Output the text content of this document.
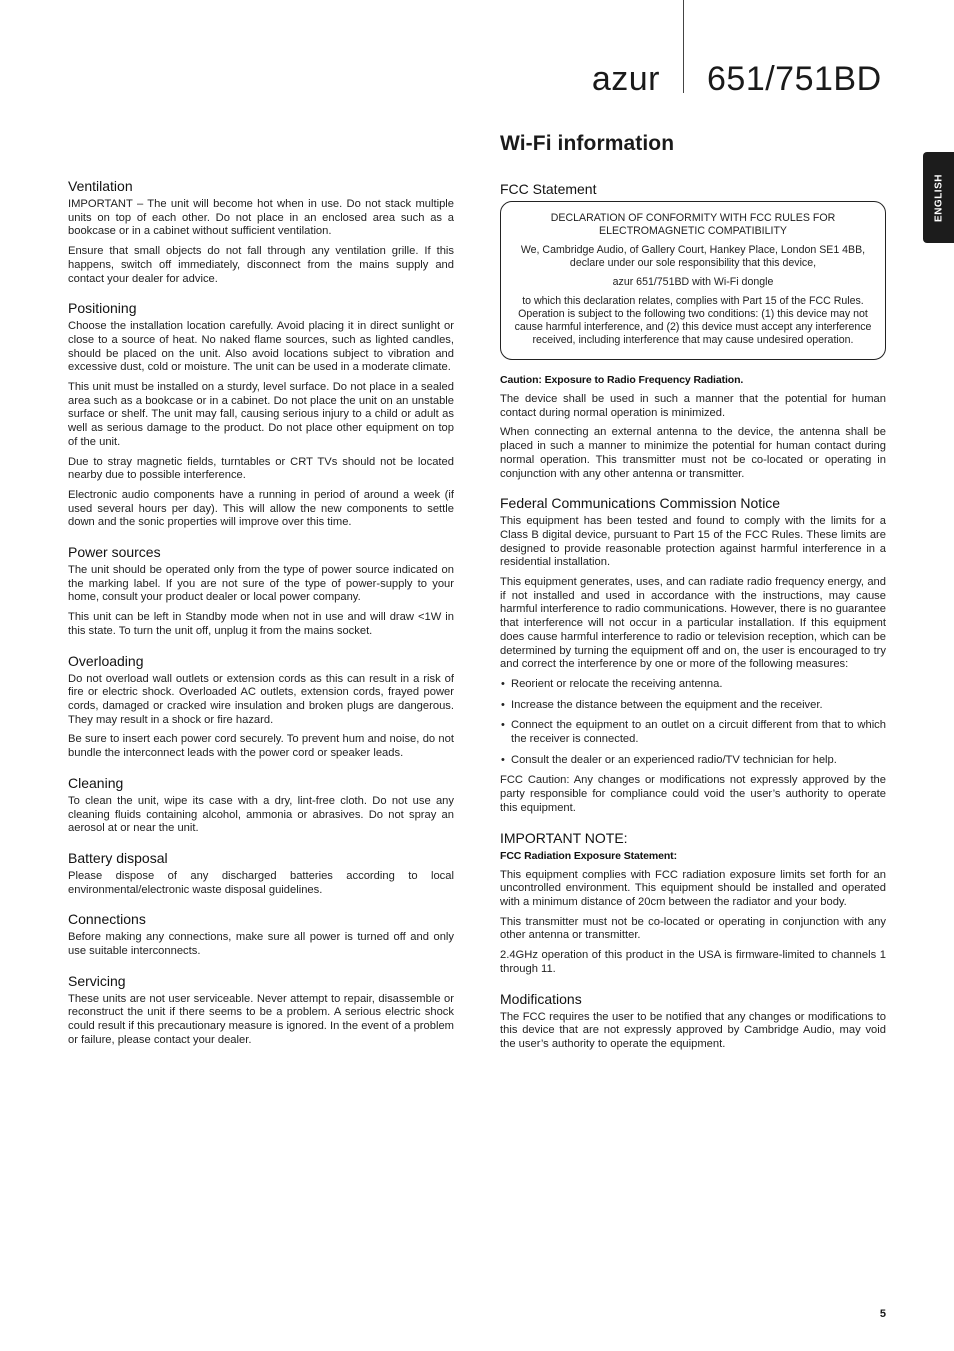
azur 651/751BD
ENGLISH
Ventilation

IMPORTANT – The unit will become hot when in use. Do not stack multiple units on top of each other. Do not place in an enclosed area such as a bookcase or in a cabinet without sufficient ventilation.

Ensure that small objects do not fall through any ventilation grille. If this happens, switch off immediately, disconnect from the mains supply and contact your dealer for advice.

Positioning

Choose the installation location carefully. Avoid placing it in direct sunlight or close to a source of heat. No naked flame sources, such as lighted candles, should be placed on the unit. Also avoid locations subject to vibration and excessive dust, cold or moisture. The unit can be used in a moderate climate.

This unit must be installed on a sturdy, level surface. Do not place in a sealed area such as a bookcase or in a cabinet. Do not place the unit on an unstable surface or shelf. The unit may fall, causing serious injury to a child or adult as well as serious damage to the product. Do not place other equipment on top of the unit.

Due to stray magnetic fields, turntables or CRT TVs should not be located nearby due to possible interference.

Electronic audio components have a running in period of around a week (if used several hours per day). This will allow the new components to settle down and the sonic properties will improve over this time.

Power sources

The unit should be operated only from the type of power source indicated on the marking label. If you are not sure of the type of power-supply to your home, consult your product dealer or local power company.

This unit can be left in Standby mode when not in use and will draw <1W in this state. To turn the unit off, unplug it from the mains socket.

Overloading

Do not overload wall outlets or extension cords as this can result in a risk of fire or electric shock. Overloaded AC outlets, extension cords, frayed power cords, damaged or cracked wire insulation and broken plugs are dangerous. They may result in a shock or fire hazard.

Be sure to insert each power cord securely. To prevent hum and noise, do not bundle the interconnect leads with the power cord or speaker leads.

Cleaning

To clean the unit, wipe its case with a dry, lint-free cloth. Do not use any cleaning fluids containing alcohol, ammonia or abrasives. Do not spray an aerosol at or near the unit.

Battery disposal

Please dispose of any discharged batteries according to local environmental/electronic waste disposal guidelines.

Connections

Before making any connections, make sure all power is turned off and only use suitable interconnects.

Servicing

These units are not user serviceable. Never attempt to repair, disassemble or reconstruct the unit if there seems to be a problem. A serious electric shock could result if this precautionary measure is ignored. In the event of a problem or failure, please contact your dealer.

Wi-Fi information
FCC Statement

DECLARATION OF CONFORMITY WITH FCC RULES FOR ELECTROMAGNETIC COMPATIBILITY

We, Cambridge Audio, of Gallery Court, Hankey Place, London SE1 4BB, declare under our sole responsibility that this device,

azur 651/751BD with Wi-Fi dongle

to which this declaration relates, complies with Part 15 of the FCC Rules. Operation is subject to the following two conditions: (1) this device may not cause harmful interference, and (2) this device must accept any interference received, including interference that may cause undesired operation.

Caution: Exposure to Radio Frequency Radiation.

The device shall be used in such a manner that the potential for human contact during normal operation is minimized.

When connecting an external antenna to the device, the antenna shall be placed in such a manner to minimize the potential for human contact during normal operation. This transmitter must not be co-located or operating in conjunction with any other antenna or transmitter.

Federal Communications Commission Notice

This equipment has been tested and found to comply with the limits for a Class B digital device, pursuant to Part 15 of the FCC Rules. These limits are designed to provide reasonable protection against harmful interference in a residential installation.

This equipment generates, uses, and can radiate radio frequency energy, and if not installed and used in accordance with the instructions, may cause harmful interference to radio communications. However, there is no guarantee that interference will not occur in a particular installation. If this equipment does cause harmful interference to radio or television reception, which can be determined by turning the equipment off and on, the user is encouraged to try and correct the interference by one or more of the following measures:

• Reorient or relocate the receiving antenna.
• Increase the distance between the equipment and the receiver.
• Connect the equipment to an outlet on a circuit different from that to which the receiver is connected.
• Consult the dealer or an experienced radio/TV technician for help.

FCC Caution: Any changes or modifications not expressly approved by the party responsible for compliance could void the user’s authority to operate this equipment.

IMPORTANT NOTE:
FCC Radiation Exposure Statement:

This equipment complies with FCC radiation exposure limits set forth for an uncontrolled environment. This equipment should be installed and operated with a minimum distance of 20cm between the radiator and your body.

This transmitter must not be co-located or operating in conjunction with any other antenna or transmitter.

2.4GHz operation of this product in the USA is firmware-limited to channels 1 through 11.

Modifications

The FCC requires the user to be notified that any changes or modifications to this device that are not expressly approved by Cambridge Audio, may void the user’s authority to operate the equipment.

5
